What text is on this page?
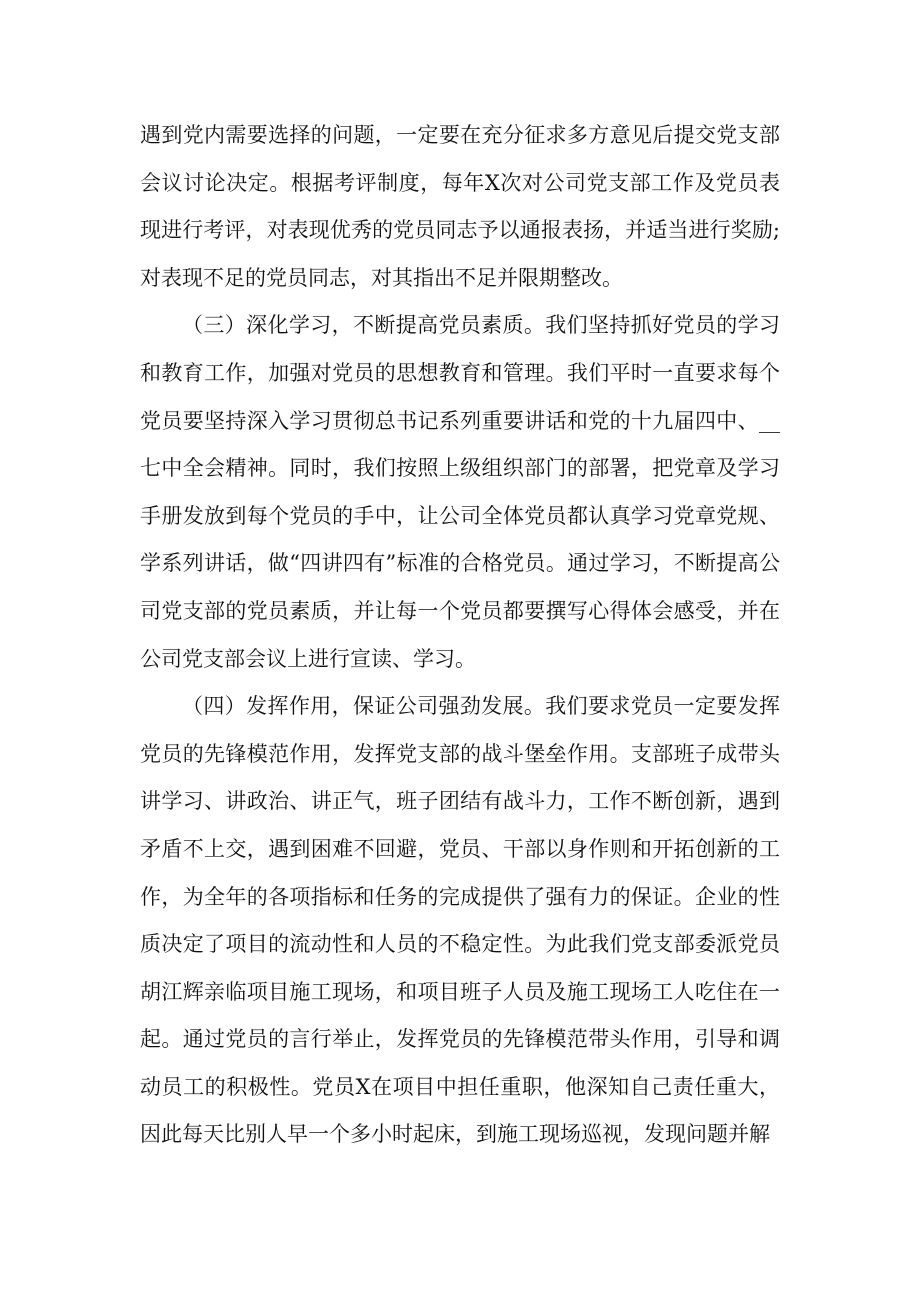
遇到党内需要选择的问题，一定要在充分征求多方意见后提交党支部会议讨论决定。根据考评制度，每年X次对公司党支部工作及党员表现进行考评，对表现优秀的党员同志予以通报表扬，并适当进行奖励;对表现不足的党员同志，对其指出不足并限期整改。

（三）深化学习，不断提高党员素质。我们坚持抓好党员的学习和教育工作，加强对党员的思想教育和管理。我们平时一直要求每个党员要坚持深入学习贯彻总书记系列重要讲话和党的十九届四中、__七中全会精神。同时，我们按照上级组织部门的部署，把党章及学习手册发放到每个党员的手中，让公司全体党员都认真学习党章党规、学系列讲话，做“四讲四有”标准的合格党员。通过学习，不断提高公司党支部的党员素质，并让每一个党员都要撰写心得体会感受，并在公司党支部会议上进行宣读、学习。

（四）发挥作用，保证公司强劲发展。我们要求党员一定要发挥党员的先锋模范作用，发挥党支部的战斗堡垒作用。支部班子成带头讲学习、讲政治、讲正气，班子团结有战斗力，工作不断创新，遇到矛盾不上交，遇到困难不回避，党员、干部以身作则和开拓创新的工作，为全年的各项指标和任务的完成提供了强有力的保证。企业的性质决定了项目的流动性和人员的不稳定性。为此我们党支部委派党员胡江辉亲临项目施工现场，和项目班子人员及施工现场工人吃住在一起。通过党员的言行举止，发挥党员的先锋模范带头作用，引导和调动员工的积极性。党员X在项目中担任重职，他深知自己责任重大，因此每天比别人早一个多小时起床，到施工现场巡视，发现问题并解
